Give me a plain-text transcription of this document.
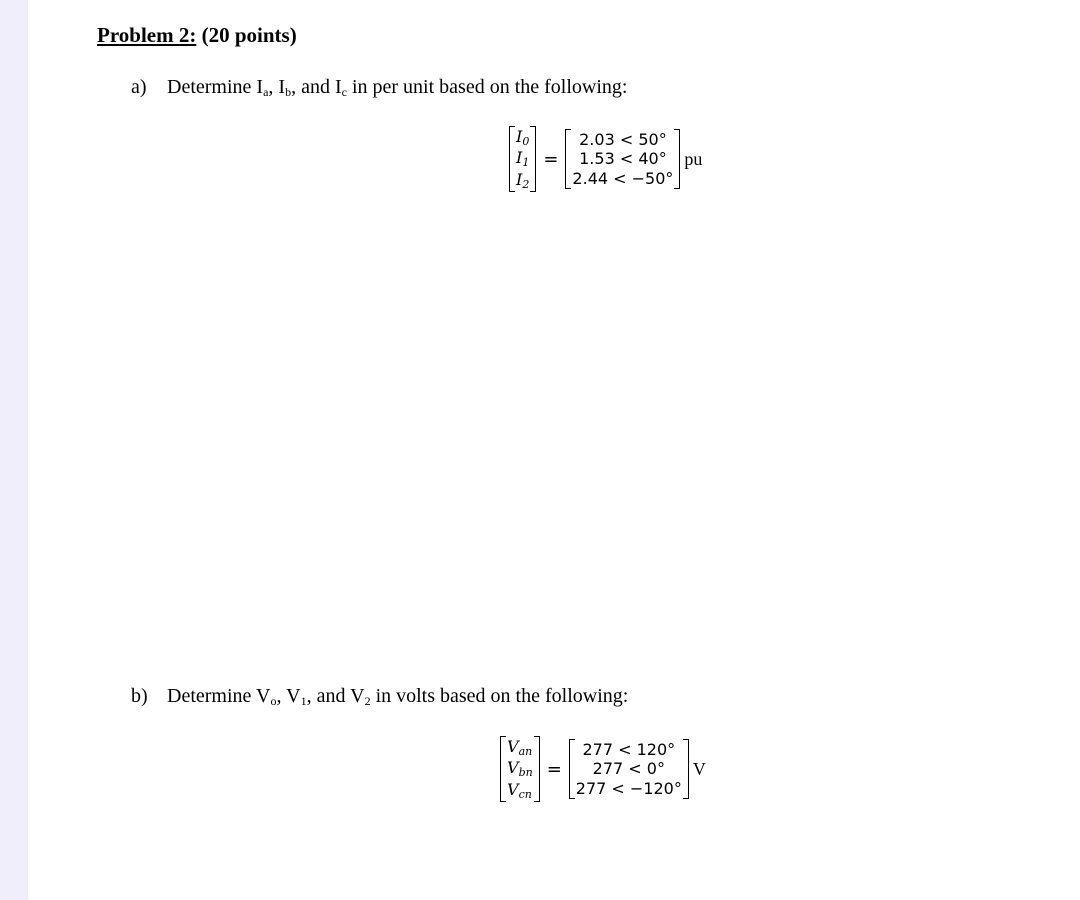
Problem 2: (20 points)
a) Determine $I_a$, $I_b$, and $I_c$ in per unit based on the following:
$I_0$
$I_1$
$I_2$
=
2.03 < 50°
1.53 < 40°
2.44 < −50°
pu
b) Determine $V_o$, $V_1$, and $V_2$ in volts based on the following:
$V_{an}$
$V_{bn}$
$V_{cn}$
=
277 < 120°
277 < 0°
277 < −120°
V
